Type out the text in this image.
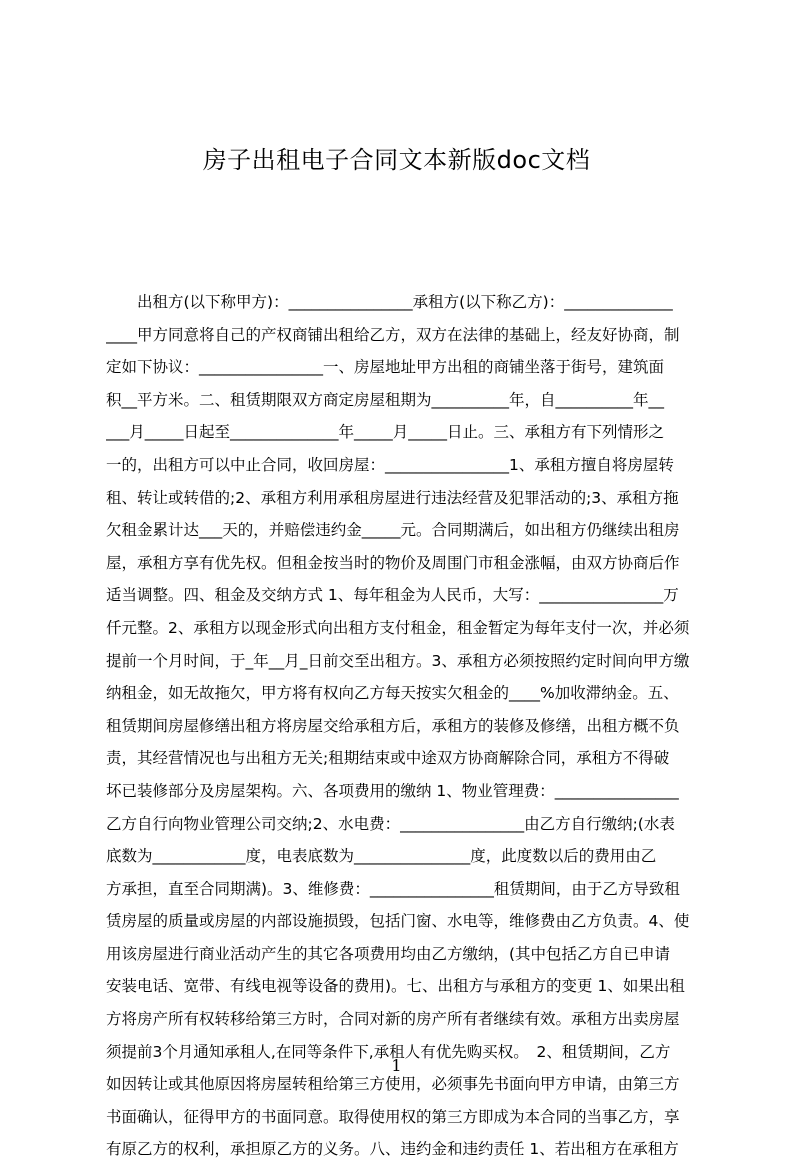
房子出租电子合同文本新版doc文档
　　出租方(以下称甲方)：________________承租方(以下称乙方)：______________
____甲方同意将自己的产权商铺出租给乙方，双方在法律的基础上，经友好协商，制
定如下协议：________________一、房屋地址甲方出租的商铺坐落于街号，建筑面
积__平方米。二、租赁期限双方商定房屋租期为__________年，自__________年__
___月_____日起至______________年_____月_____日止。三、承租方有下列情形之
一的，出租方可以中止合同，收回房屋：________________1、承租方擅自将房屋转
租、转让或转借的;2、承租方利用承租房屋进行违法经营及犯罪活动的;3、承租方拖
欠租金累计达___天的，并赔偿违约金_____元。合同期满后，如出租方仍继续出租房
屋，承租方享有优先权。但租金按当时的物价及周围门市租金涨幅，由双方协商后作
适当调整。四、租金及交纳方式 1、每年租金为人民币，大写：________________万
仟元整。2、承租方以现金形式向出租方支付租金，租金暂定为每年支付一次，并必须
提前一个月时间，于_年__月_日前交至出租方。3、承租方必须按照约定时间向甲方缴
纳租金，如无故拖欠，甲方将有权向乙方每天按实欠租金的____%加收滞纳金。五、
租赁期间房屋修缮出租方将房屋交给承租方后，承租方的装修及修缮，出租方概不负
责，其经营情况也与出租方无关;租期结束或中途双方协商解除合同，承租方不得破
坏已装修部分及房屋架构。六、各项费用的缴纳 1、物业管理费：________________
乙方自行向物业管理公司交纳;2、水电费：________________由乙方自行缴纳;(水表
底数为____________度，电表底数为_______________度，此度数以后的费用由乙
方承担，直至合同期满)。3、维修费：________________租赁期间，由于乙方导致租
赁房屋的质量或房屋的内部设施损毁，包括门窗、水电等，维修费由乙方负责。4、使
用该房屋进行商业活动产生的其它各项费用均由乙方缴纳，(其中包括乙方自已申请
安装电话、宽带、有线电视等设备的费用)。七、出租方与承租方的变更 1、如果出租
方将房产所有权转移给第三方时，合同对新的房产所有者继续有效。承租方出卖房屋
须提前3个月通知承租人,在同等条件下,承租人有优先购买权。　2、租赁期间，乙方
如因转让或其他原因将房屋转租给第三方使用，必须事先书面向甲方申请，由第三方
书面确认，征得甲方的书面同意。取得使用权的第三方即成为本合同的当事乙方，享
有原乙方的权利，承担原乙方的义务。八、违约金和违约责任 1、若出租方在承租方
1
